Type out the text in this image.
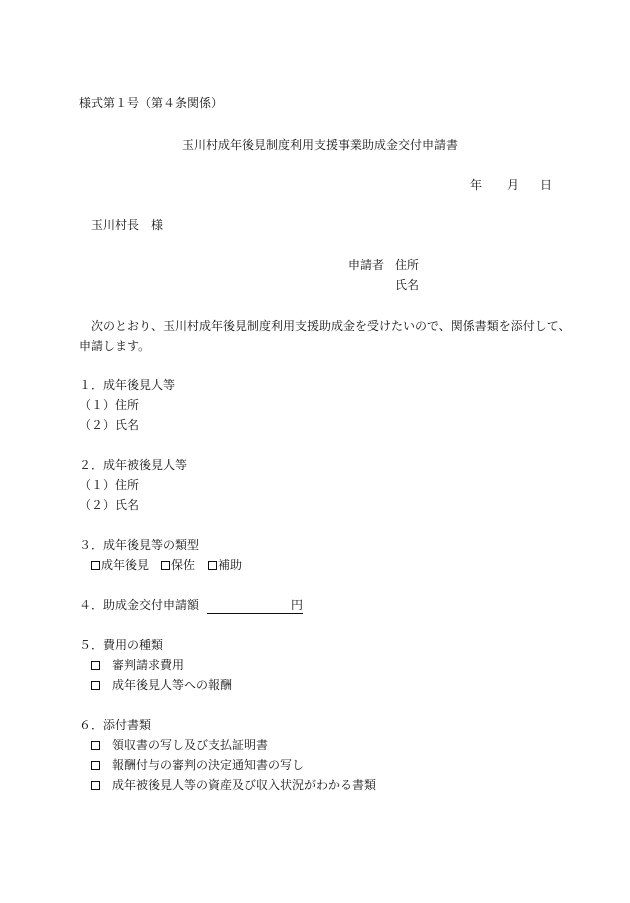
様式第１号（第４条関係）
玉川村成年後見制度利用支援事業助成金交付申請書
年 月 日
玉川村長　様
申請者 住所
氏名
次のとおり、玉川村成年後見制度利用支援助成金を受けたいので、関係書類を添付して、
申請します。
１．成年後見人等
（１）住所
（２）氏名
２．成年被後見人等
（１）住所
（２）氏名
３．成年後見等の類型
成年後見	保佐	補助
４．助成金交付申請額	円
５．費用の種類
審判請求費用
成年後見人等への報酬
６．添付書類
領収書の写し及び支払証明書
報酬付与の審判の決定通知書の写し
成年被後見人等の資産及び収入状況がわかる書類
